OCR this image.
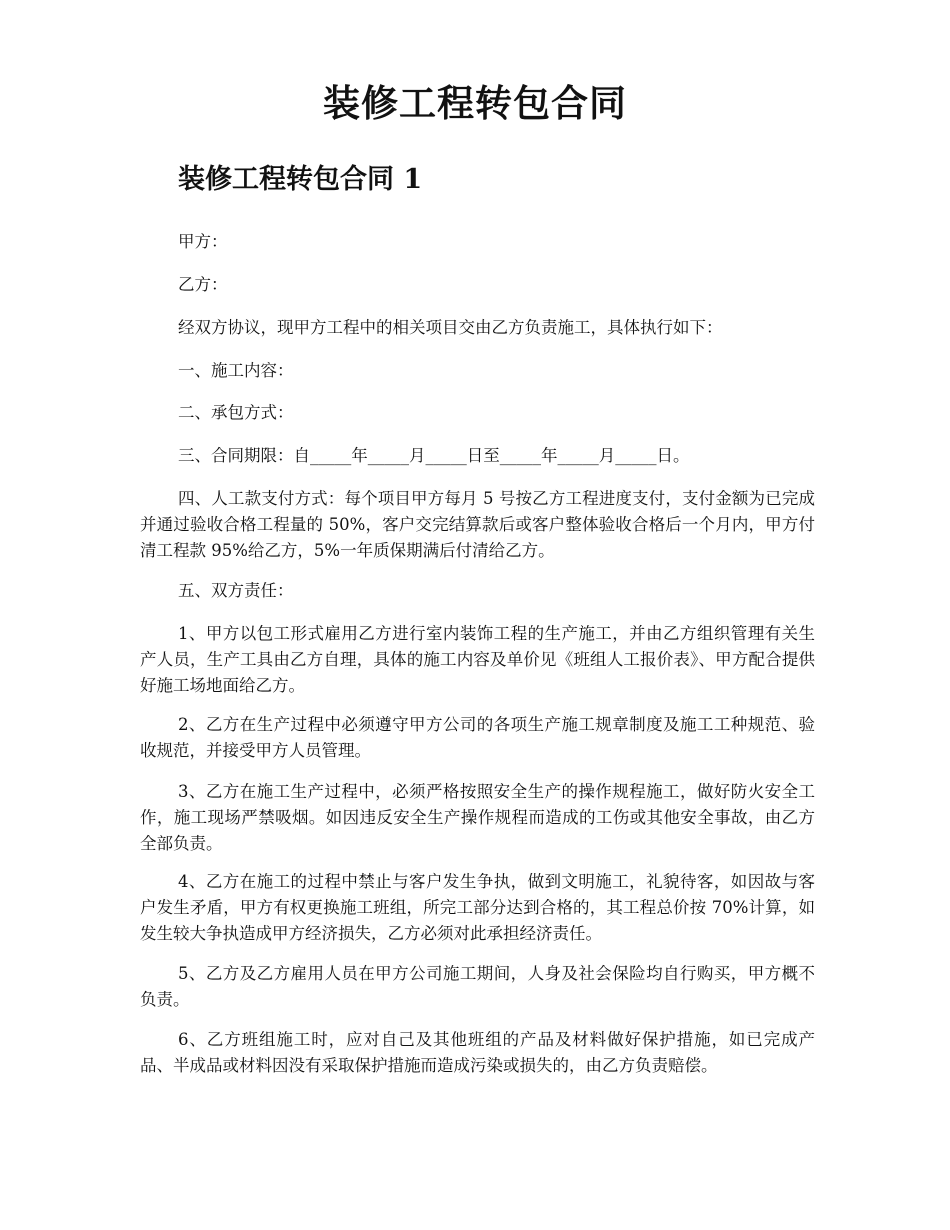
装修工程转包合同
装修工程转包合同 1

甲方：

乙方：

经双方协议，现甲方工程中的相关项目交由乙方负责施工，具体执行如下：

一、施工内容：

二、承包方式：

三、合同期限：自_____年_____月_____日至_____年_____月_____日。

四、人工款支付方式：每个项目甲方每月 5 号按乙方工程进度支付，支付金额为已完成并通过验收合格工程量的 50%，客户交完结算款后或客户整体验收合格后一个月内，甲方付清工程款 95%给乙方，5%一年质保期满后付清给乙方。

五、双方责任：

1、甲方以包工形式雇用乙方进行室内装饰工程的生产施工，并由乙方组织管理有关生产人员，生产工具由乙方自理，具体的施工内容及单价见《班组人工报价表》、甲方配合提供好施工场地面给乙方。

2、乙方在生产过程中必须遵守甲方公司的各项生产施工规章制度及施工工种规范、验收规范，并接受甲方人员管理。

3、乙方在施工生产过程中，必须严格按照安全生产的操作规程施工，做好防火安全工作，施工现场严禁吸烟。如因违反安全生产操作规程而造成的工伤或其他安全事故，由乙方全部负责。

4、乙方在施工的过程中禁止与客户发生争执，做到文明施工，礼貌待客，如因故与客户发生矛盾，甲方有权更换施工班组，所完工部分达到合格的，其工程总价按 70%计算，如发生较大争执造成甲方经济损失，乙方必须对此承担经济责任。

5、乙方及乙方雇用人员在甲方公司施工期间，人身及社会保险均自行购买，甲方概不负责。

6、乙方班组施工时，应对自己及其他班组的产品及材料做好保护措施，如已完成产品、半成品或材料因没有采取保护措施而造成污染或损失的，由乙方负责赔偿。
